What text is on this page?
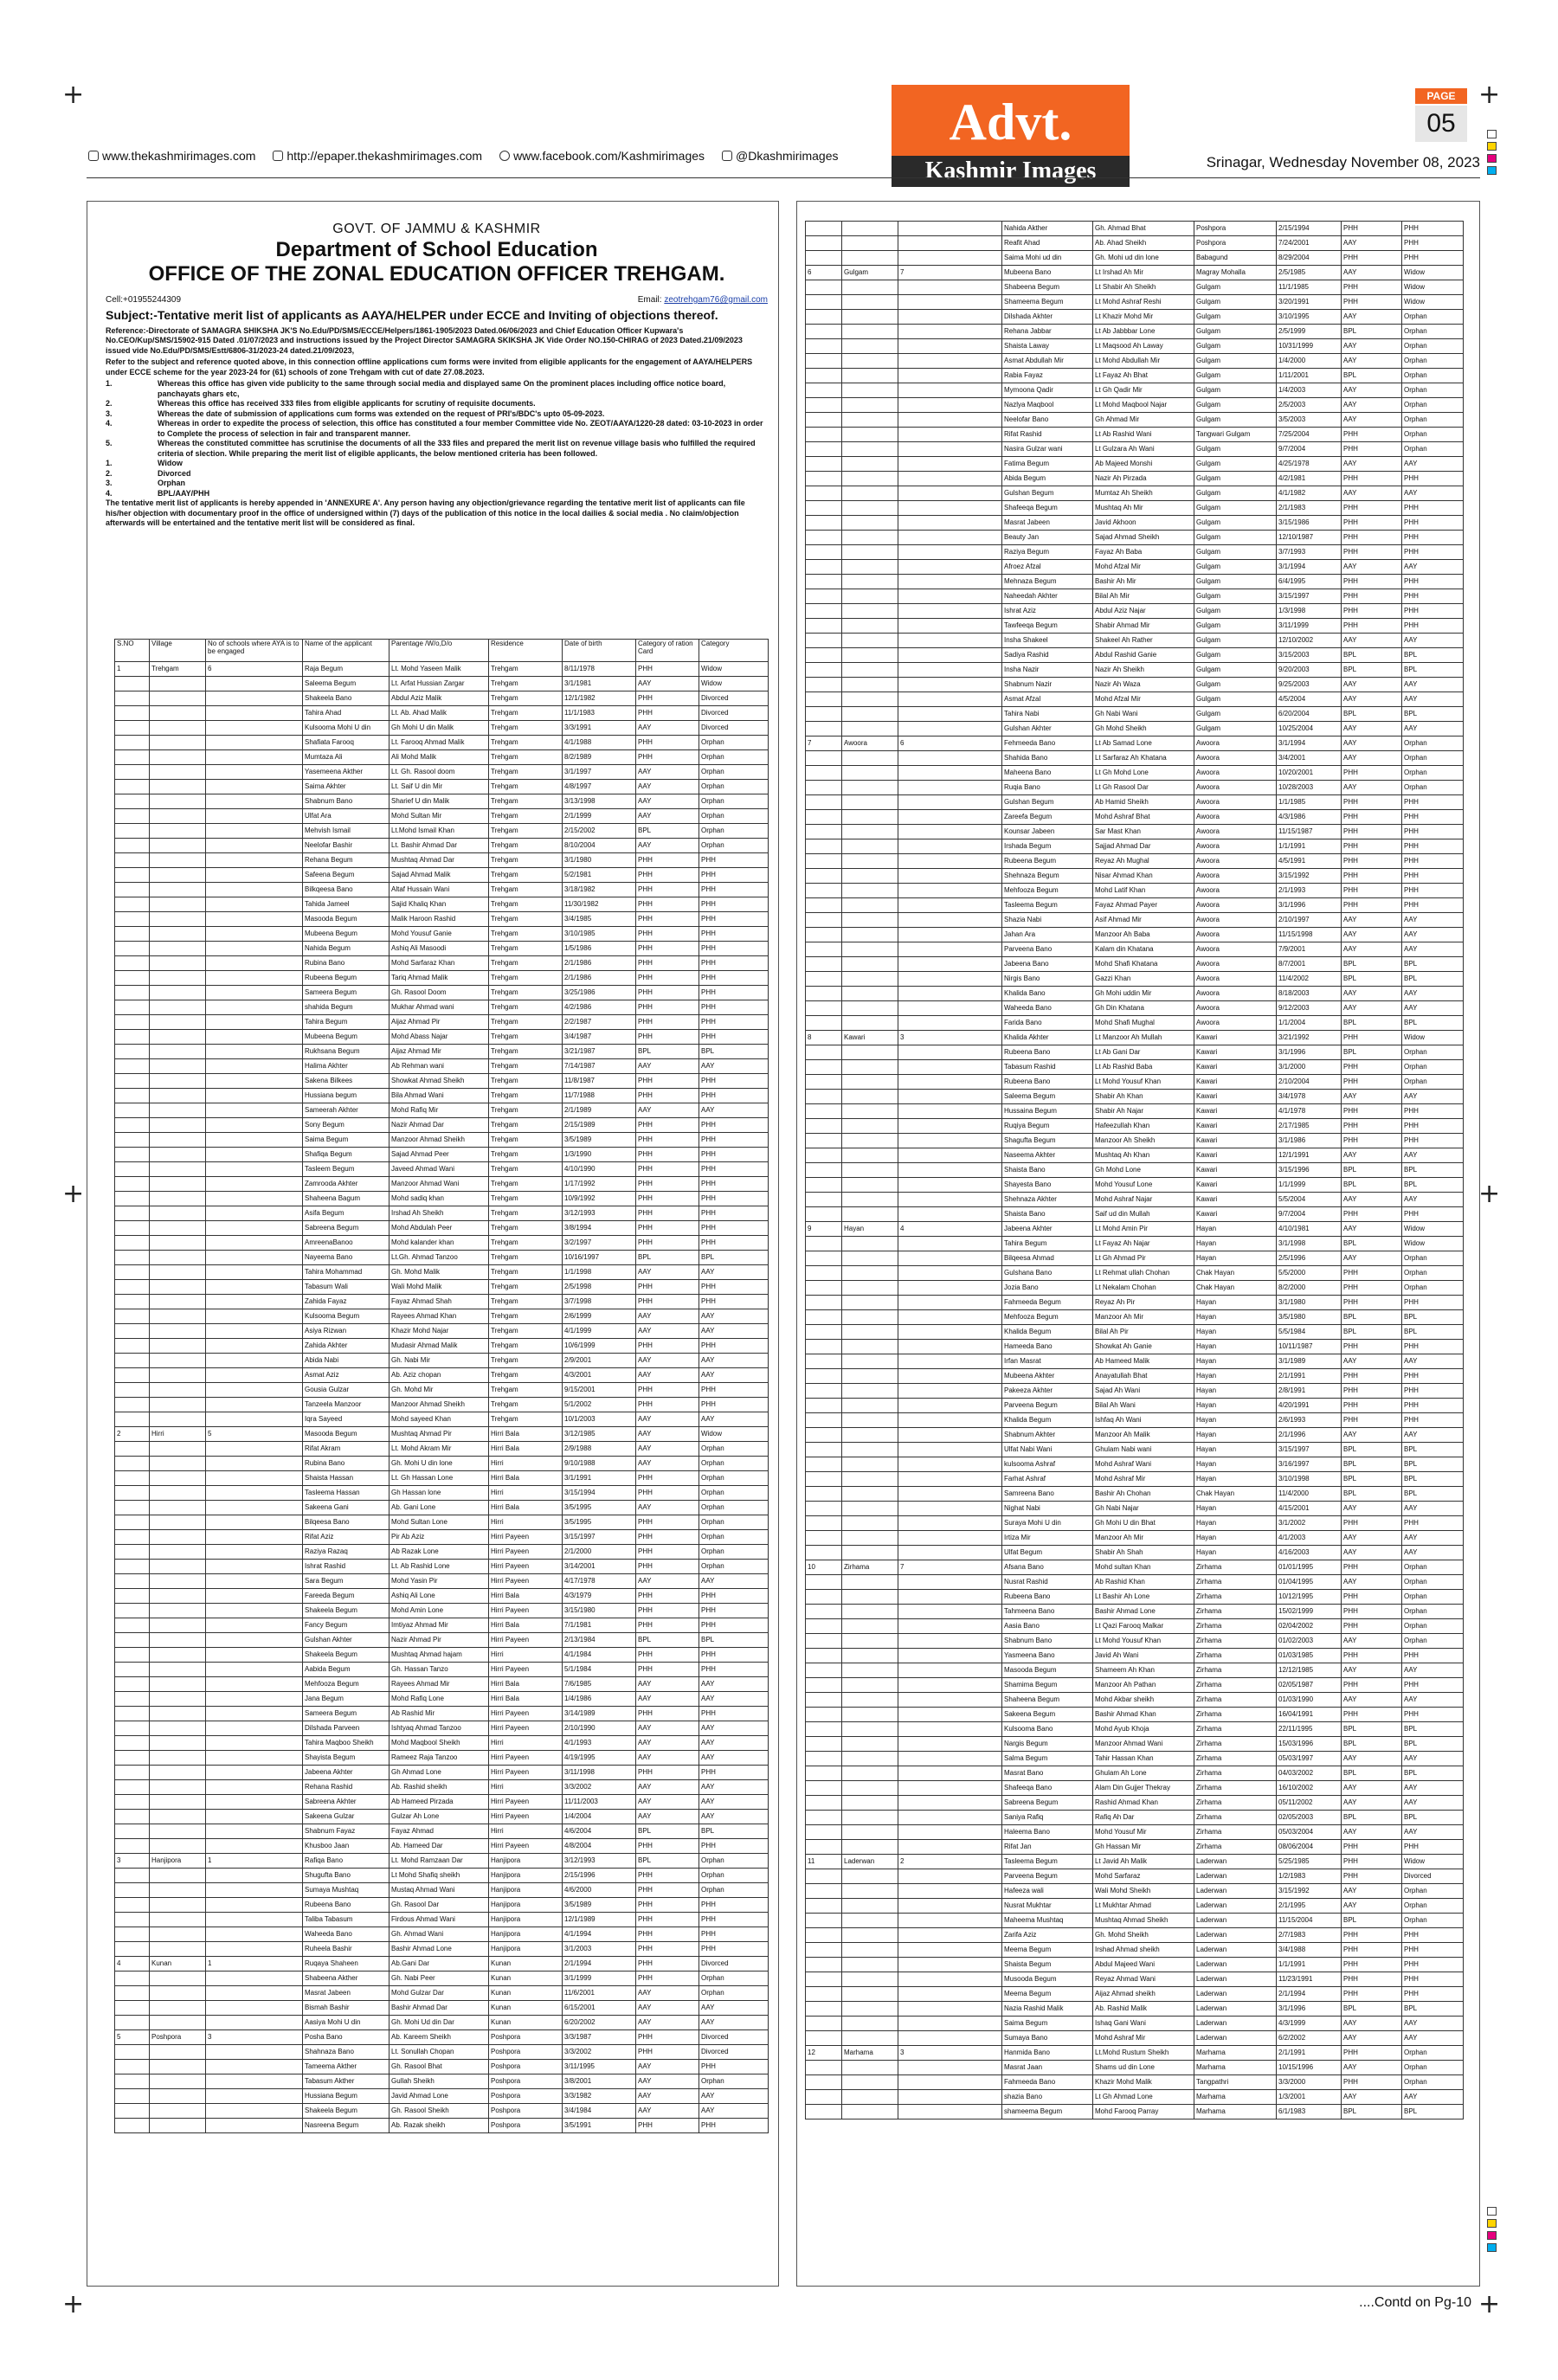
+	+
+	+
+	+
www.thekashmirimages.com	http://epaper.thekashmirimages.com	www.facebook.com/Kashmirimages	@Dkashmirimages
Advt.
Kashmir Images
PAGE
05
Srinagar, Wednesday November 08, 2023
GOVT. OF JAMMU & KASHMIR
Department of School Education
OFFICE OF THE ZONAL EDUCATION OFFICER TREHGAM.
Cell:+01955244309	Email: zeotrehgam76@gmail.com
Subject:-Tentative merit list of applicants as AAYA/HELPER under ECCE and Inviting of objections thereof.
Reference:-Directorate of SAMAGRA SHIKSHA JK'S No.Edu/PD/SMS/ECCE/Helpers/1861-1905/2023 Dated.06/06/2023 and Chief Education Officer Kupwara's No.CEO/Kup/SMS/15902-915 Dated .01/07/2023 and instructions issued by the Project Director SAMAGRA SKIKSHA JK Vide Order NO.150-CHIRAG of 2023 Dated.21/09/2023 issued vide No.Edu/PD/SMS/Estt/6806-31/2023-24 dated.21/09/2023,
Refer to the subject and reference quoted above, in this connection offline applications cum forms were invited from eligible applicants for the engagement of AAYA/HELPERS under ECCE scheme for the year 2023-24 for (61) schools of zone Trehgam with cut of date 27.08.2023.
1.	Whereas this office has given vide publicity to the same through social media and displayed same On the prominent places including office notice board, panchayats ghars etc,
2.	Whereas this office has received 333 files from eligible applicants for scrutiny of requisite documents.
3.	Whereas the date of submission of applications cum forms was extended on the request of PRI's/BDC's upto 05-09-2023.
4.	Whereas in order to expedite the process of selection, this office has constituted a four member Committee vide No. ZEOT/AAYA/1220-28 dated: 03-10-2023 in order to Complete the process of selection in fair and transparent manner.
5.	Whereas the constituted committee has scrutinise the documents of all the 333 files and prepared the merit list on revenue village basis who fulfilled the required criteria of slection. While preparing the merit list of eligible applicants, the below mentioned criteria has been followed.
1.	Widow
2.	Divorced
3.	Orphan
4.	BPL/AAY/PHH
The tentative merit list of applicants is hereby appended in 'ANNEXURE A'. Any person having any objection/grievance regarding the tentative merit list of applicants can file his/her objection with documentary proof in the office of undersigned within (7) days of the publication of this notice in the local dailies & social media . No claim/objection afterwards will be entertained and the tentative merit list will be considered as final.
S.NO	Village	No of schools where AYA is to be engaged	Name of the applicant	Parentage /W/o,D/o	Residence	Date of birth	Category of ration Card	Category
1	Trehgam	6	Raja Begum	Lt. Mohd Yaseen Malik	Trehgam	8/11/1978	PHH	Widow
			Saleema Begum	Lt. Arfat Hussian Zargar	Trehgam	3/1/1981	AAY	Widow
			Shakeela Bano	Abdul Aziz Malik	Trehgam	12/1/1982	PHH	Divorced
			Tahira Ahad	Lt. Ab. Ahad Malik	Trehgam	11/1/1983	PHH	Divorced
			Kulsooma Mohi U din	Gh Mohi U din Malik	Trehgam	3/3/1991	AAY	Divorced
			Shafiata Farooq	Lt. Farooq Ahmad Malik	Trehgam	4/1/1988	PHH	Orphan
			Mumtaza Ali	Ali Mohd Malik	Trehgam	8/2/1989	PHH	Orphan
			Yasemeena Akther	Lt. Gh. Rasool doom	Trehgam	3/1/1997	AAY	Orphan
			Saima Akhter	Lt. Saif U din Mir	Trehgam	4/8/1997	AAY	Orphan
			Shabnum Bano	Sharief U din Malik	Trehgam	3/13/1998	AAY	Orphan
			Ulfat Ara	Mohd Sultan Mir	Trehgam	2/1/1999	AAY	Orphan
			Mehvish Ismail	Lt.Mohd Ismail Khan	Trehgam	2/15/2002	BPL	Orphan
			Neelofar Bashir	Lt. Bashir Ahmad Dar	Trehgam	8/10/2004	AAY	Orphan
			Rehana Begum	Mushtaq Ahmad Dar	Trehgam	3/1/1980	PHH	PHH
			Safeena Begum	Sajad Ahmad Malik	Trehgam	5/2/1981	PHH	PHH
			Bilkqeesa Bano	Altaf Hussain Wani	Trehgam	3/18/1982	PHH	PHH
			Tahida Jameel	Sajid Khaliq Khan	Trehgam	11/30/1982	PHH	PHH
			Masooda Begum	Malik Haroon Rashid	Trehgam	3/4/1985	PHH	PHH
			Mubeena Begum	Mohd Yousuf Ganie	Trehgam	3/10/1985	PHH	PHH
			Nahida Begum	Ashiq Ali Masoodi	Trehgam	1/5/1986	PHH	PHH
			Rubina Bano	Mohd Sarfaraz Khan	Trehgam	2/1/1986	PHH	PHH
			Rubeena Begum	Tariq Ahmad Malik	Trehgam	2/1/1986	PHH	PHH
			Sameera Begum	Gh. Rasool Doom	Trehgam	3/25/1986	PHH	PHH
			shahida Begum	Mukhar Ahmad wani	Trehgam	4/2/1986	PHH	PHH
			Tahira Begum	Aijaz Ahmad Pir	Trehgam	2/2/1987	PHH	PHH
			Mubeena Begum	Mohd Abass Najar	Trehgam	3/4/1987	PHH	PHH
			Rukhsana Begum	Aijaz Ahmad Mir	Trehgam	3/21/1987	BPL	BPL
			Halima Akhter	Ab Rehman wani	Trehgam	7/14/1987	AAY	AAY
			Sakena Bilkees	Showkat Ahmad Sheikh	Trehgam	11/8/1987	PHH	PHH
			Hussiana begum	Bila Ahmad Wani	Trehgam	11/7/1988	PHH	PHH
			Sameerah Akhter	Mohd Rafiq Mir	Trehgam	2/1/1989	AAY	AAY
			Sony Begum	Nazir Ahmad Dar	Trehgam	2/15/1989	PHH	PHH
			Saima Begum	Manzoor Ahmad Sheikh	Trehgam	3/5/1989	PHH	PHH
			Shafiqa Begum	Sajad Ahmad Peer	Trehgam	1/3/1990	PHH	PHH
			Tasleem Begum	Javeed Ahmad Wani	Trehgam	4/10/1990	PHH	PHH
			Zamrooda Akhter	Manzoor Ahmad Wani	Trehgam	1/17/1992	PHH	PHH
			Shaheena Bagum	Mohd sadiq khan	Trehgam	10/9/1992	PHH	PHH
			Asifa Begum	Irshad Ah Sheikh	Trehgam	3/12/1993	PHH	PHH
			Sabreena Begum	Mohd Abdulah Peer	Trehgam	3/8/1994	PHH	PHH
			AmreenaBanoo	Mohd kalander khan	Trehgam	3/2/1997	PHH	PHH
			Nayeema Bano	Lt.Gh. Ahmad Tanzoo	Trehgam	10/16/1997	BPL	BPL
			Tahira Mohammad	Gh. Mohd Malik	Trehgam	1/1/1998	AAY	AAY
			Tabasum Wali	Wali Mohd Malik	Trehgam	2/5/1998	PHH	PHH
			Zahida Fayaz	Fayaz Ahmad Shah	Trehgam	3/7/1998	PHH	PHH
			Kulsooma Begum	Rayees Ahmad Khan	Trehgam	2/6/1999	AAY	AAY
			Asiya Rizwan	Khazir Mohd Najar	Trehgam	4/1/1999	AAY	AAY
			Zahida Akhter	Mudasir Ahmad Malik	Trehgam	10/6/1999	PHH	PHH
			Abida Nabi	Gh. Nabi Mir	Trehgam	2/9/2001	AAY	AAY
			Asmat Aziz	Ab. Aziz chopan	Trehgam	4/3/2001	AAY	AAY
			Gousia Gulzar	Gh. Mohd Mir	Trehgam	9/15/2001	PHH	PHH
			Tanzeela Manzoor	Manzoor Ahmad Sheikh	Trehgam	5/1/2002	PHH	PHH
			Iqra Sayeed	Mohd sayeed Khan	Trehgam	10/1/2003	AAY	AAY
2	Hirri	5	Masooda Begum	Mushtaq Ahmad Pir	Hirri Bala	3/12/1985	AAY	Widow
			Rifat Akram	Lt. Mohd Akram Mir	Hirri Bala	2/9/1988	AAY	Orphan
			Rubina Bano	Gh. Mohi U din lone	Hirri	9/10/1988	AAY	Orphan
			Shaista Hassan	Lt. Gh Hassan Lone	Hirri Bala	3/1/1991	PHH	Orphan
			Tasleema Hassan	Gh Hassan lone	Hirri	3/15/1994	PHH	Orphan
			Sakeena Gani	Ab. Gani Lone	Hirri Bala	3/5/1995	AAY	Orphan
			Bilqeesa Bano	Mohd Sultan Lone	Hirri	3/5/1995	PHH	Orphan
			Rifat Aziz	Pir Ab Aziz	Hirri Payeen	3/15/1997	PHH	Orphan
			Raziya Razaq	Ab Razak Lone	Hirri Payeen	2/1/2000	PHH	Orphan
			Ishrat Rashid	Lt. Ab Rashid Lone	Hirri Payeen	3/14/2001	PHH	Orphan
			Sara Begum	Mohd Yasin Pir	Hirri Payeen	4/17/1978	AAY	AAY
			Fareeda Begum	Ashiq Ali Lone	Hirri Bala	4/3/1979	PHH	PHH
			Shakeela Begum	Mohd Amin Lone	Hirri Payeen	3/15/1980	PHH	PHH
			Fancy Begum	Imtiyaz Ahmad Mir	Hirri Bala	7/1/1981	PHH	PHH
			Gulshan Akhter	Nazir Ahmad Pir	Hirri Payeen	2/13/1984	BPL	BPL
			Shakeela Begum	Mushtaq Ahmad hajam	Hirri	4/1/1984	PHH	PHH
			Aabida Begum	Gh. Hassan Tanzo	Hirri Payeen	5/1/1984	PHH	PHH
			Mehfooza Begum	Rayees Ahmad Mir	Hirri Bala	7/6/1985	AAY	AAY
			Jana Begum	Mohd Rafiq Lone	Hirri Bala	1/4/1986	AAY	AAY
			Sameera Begum	Ab Rashid Mir	Hirri Payeen	3/14/1989	PHH	PHH
			Dilshada Parveen	Ishtyaq Ahmad Tanzoo	Hirri Payeen	2/10/1990	AAY	AAY
			Tahira Maqboo Sheikh	Mohd Maqbool Sheikh	Hirri	4/1/1993	AAY	AAY
			Shayista Begum	Rameez Raja Tanzoo	Hirri Payeen	4/19/1995	AAY	AAY
			Jabeena Akhter	Gh Ahmad Lone	Hirri Payeen	3/11/1998	PHH	PHH
			Rehana Rashid	Ab. Rashid sheikh	Hirri	3/3/2002	AAY	AAY
			Sabreena Akhter	Ab Hameed Pirzada	Hirri Payeen	11/11/2003	AAY	AAY
			Sakeena Gulzar	Gulzar Ah Lone	Hirri Payeen	1/4/2004	AAY	AAY
			Shabnum Fayaz	Fayaz Ahmad	Hirri	4/6/2004	BPL	BPL
			Khusboo Jaan	Ab. Hameed Dar	Hirri Payeen	4/8/2004	PHH	PHH
3	Hanjipora	1	Rafiqa Bano	Lt. Mohd Ramzaan Dar	Hanjipora	3/12/1993	BPL	Orphan
			Shugufta Bano	Lt Mohd Shafiq sheikh	Hanjipora	2/15/1996	PHH	Orphan
			Sumaya Mushtaq	Mustaq Ahmad Wani	Hanjipora	4/6/2000	PHH	Orphan
			Rubeena Bano	Gh. Rasool Dar	Hanjipora	3/5/1989	PHH	PHH
			Taliba Tabasum	Firdous Ahmad Wani	Hanjipora	12/1/1989	PHH	PHH
			Waheeda Bano	Gh. Ahmad Wani	Hanjipora	4/1/1994	PHH	PHH
			Ruheela Bashir	Bashir Ahmad Lone	Hanjipora	3/1/2003	PHH	PHH
4	Kunan	1	Ruqaya Shaheen	Ab.Gani Dar	Kunan	2/1/1994	PHH	Divorced
			Shabeena Akther	Gh. Nabi Peer	Kunan	3/1/1999	PHH	Orphan
			Masrat Jabeen	Mohd Gulzar Dar	Kunan	11/6/2001	AAY	Orphan
			Bismah Bashir	Bashir Ahmad Dar	Kunan	6/15/2001	AAY	AAY
			Aasiya Mohi U din	Gh. Mohi Ud din Dar	Kunan	6/20/2002	AAY	AAY
5	Poshpora	3	Posha Bano	Ab. Kareem Sheikh	Poshpora	3/3/1987	PHH	Divorced
			Shahnaza Bano	Lt. Sonullah Chopan	Poshpora	3/3/2002	PHH	Divorced
			Tameema Akther	Gh. Rasool Bhat	Poshpora	3/11/1995	AAY	PHH
			Tabasum Akther	Gullah Sheikh	Poshpora	3/8/2001	AAY	Orphan
			Hussiana Begum	Javid Ahmad Lone	Poshpora	3/3/1982	AAY	AAY
			Shakeela Begum	Gh. Rasool Sheikh	Poshpora	3/4/1984	AAY	AAY
			Nasreena Begum	Ab. Razak sheikh	Poshpora	3/5/1991	PHH	PHH
			Nahida Akther	Gh. Ahmad Bhat	Poshpora	2/15/1994	PHH	PHH
			Reafit Ahad	Ab. Ahad Sheikh	Poshpora	7/24/2001	AAY	PHH
			Saima Mohi ud din	Gh. Mohi ud din lone	Babagund	8/29/2004	PHH	PHH
6	Gulgam	7	Mubeena Bano	Lt Irshad Ah Mir	Magray Mohalla	2/5/1985	AAY	Widow
			Shabeena Begum	Lt Shabir Ah Sheikh	Gulgam	11/1/1985	PHH	Widow
			Shameema Begum	Lt Mohd Ashraf Reshi	Gulgam	3/20/1991	PHH	Widow
			Dilshada Akhter	Lt Khazir Mohd Mir	Gulgam	3/10/1995	AAY	Orphan
			Rehana Jabbar	Lt Ab Jabbbar Lone	Gulgam	2/5/1999	BPL	Orphan
			Shaista Laway	Lt Maqsood Ah Laway	Gulgam	10/31/1999	AAY	Orphan
			Asmat Abdullah Mir	Lt Mohd Abdullah Mir	Gulgam	1/4/2000	AAY	Orphan
			Rabia Fayaz	Lt Fayaz Ah Bhat	Gulgam	1/11/2001	BPL	Orphan
			Mymoona Qadir	Lt Gh Qadir Mir	Gulgam	1/4/2003	AAY	Orphan
			Nazlya Maqbool	Lt Mohd Maqbool Najar	Gulgam	2/5/2003	AAY	Orphan
			Neelofar Bano	Gh Ahmad Mir	Gulgam	3/5/2003	AAY	Orphan
			Rifat Rashid	Lt Ab Rashid Wani	Tangwari Gulgam	7/25/2004	PHH	Orphan
			Nasira Gulzar wani	Lt Gulzara Ah Wani	Gulgam	9/7/2004	PHH	Orphan
			Fatima Begum	Ab Majeed Monshi	Gulgam	4/25/1978	AAY	AAY
			Abida Begum	Nazir Ah Pirzada	Gulgam	4/2/1981	PHH	PHH
			Gulshan Begum	Mumtaz Ah Sheikh	Gulgam	4/1/1982	AAY	AAY
			Shafeeqa Begum	Mushtaq Ah Mir	Gulgam	2/1/1983	PHH	PHH
			Masrat Jabeen	Javid Akhoon	Gulgam	3/15/1986	PHH	PHH
			Beauty Jan	Sajad Ahmad Sheikh	Gulgam	12/10/1987	PHH	PHH
			Raziya Begum	Fayaz Ah Baba	Gulgam	3/7/1993	PHH	PHH
			Afroez Afzal	Mohd Afzal Mir	Gulgam	3/1/1994	AAY	AAY
			Mehnaza Begum	Bashir Ah Mir	Gulgam	6/4/1995	PHH	PHH
			Naheedah Akhter	Bilal Ah Mir	Gulgam	3/15/1997	PHH	PHH
			Ishrat Aziz	Abdul Aziz Najar	Gulgam	1/3/1998	PHH	PHH
			Tawfeeqa Begum	Shabir Ahmad Mir	Gulgam	3/11/1999	PHH	PHH
			Insha Shakeel	Shakeel Ah Rather	Gulgam	12/10/2002	AAY	AAY
			Sadiya Rashid	Abdul Rashid Ganie	Gulgam	3/15/2003	BPL	BPL
			Insha Nazir	Nazir Ah Sheikh	Gulgam	9/20/2003	BPL	BPL
			Shabnum Nazir	Nazir Ah Waza	Gulgam	9/25/2003	AAY	AAY
			Asmat Afzal	Mohd Afzal Mir	Gulgam	4/5/2004	AAY	AAY
			Tahira Nabi	Gh Nabi Wani	Gulgam	6/20/2004	BPL	BPL
			Gulshan Akhter	Gh Mohd Sheikh	Gulgam	10/25/2004	AAY	AAY
7	Awoora	6	Fehmeeda Bano	Lt Ab Samad Lone	Awoora	3/1/1994	AAY	Orphan
			Shahida Bano	Lt Sarfaraz Ah Khatana	Awoora	3/4/2001	AAY	Orphan
			Maheena Bano	Lt Gh Mohd Lone	Awoora	10/20/2001	PHH	Orphan
			Ruqia Bano	Lt Gh Rasool Dar	Awoora	10/28/2003	AAY	Orphan
			Gulshan Begum	Ab Hamid Sheikh	Awoora	1/1/1985	PHH	PHH
			Zareefa Begum	Mohd Ashraf Bhat	Awoora	4/3/1986	PHH	PHH
			Kounsar Jabeen	Sar Mast Khan	Awoora	11/15/1987	PHH	PHH
			Irshada Begum	Sajjad Ahmad Dar	Awoora	1/1/1991	PHH	PHH
			Rubeena Begum	Reyaz Ah Mughal	Awoora	4/5/1991	PHH	PHH
			Shehnaza Begum	Nisar Ahmad Khan	Awoora	3/15/1992	PHH	PHH
			Mehfooza Begum	Mohd Latif Khan	Awoora	2/1/1993	PHH	PHH
			Tasleema Begum	Fayaz Ahmad Payer	Awoora	3/1/1996	PHH	PHH
			Shazia Nabi	Asif Ahmad Mir	Awoora	2/10/1997	AAY	AAY
			Jahan Ara	Manzoor Ah Baba	Awoora	11/15/1998	AAY	AAY
			Parveena Bano	Kalam din Khatana	Awoora	7/9/2001	AAY	AAY
			Jabeena Bano	Mohd Shafi Khatana	Awoora	8/7/2001	BPL	BPL
			Nirgis Bano	Gazzi Khan	Awoora	11/4/2002	BPL	BPL
			Khalida Bano	Gh Mohi uddin Mir	Awoora	8/18/2003	AAY	AAY
			Waheeda Bano	Gh Din Khatana	Awoora	9/12/2003	AAY	AAY
			Farida Bano	Mohd Shafi Mughal	Awoora	1/1/2004	BPL	BPL
8	Kawari	3	Khalida Akhter	Lt Manzoor Ah Mullah	Kawari	3/21/1992	PHH	Widow
			Rubeena Bano	Lt Ab Gani Dar	Kawari	3/1/1996	BPL	Orphan
			Tabasum Rashid	Lt Ab Rashid Baba	Kawari	3/1/2000	PHH	Orphan
			Rubeena Bano	Lt Mohd Yousuf Khan	Kawari	2/10/2004	PHH	Orphan
			Saleema Begum	Shabir Ah Khan	Kawari	3/4/1978	AAY	AAY
			Hussaina Begum	Shabir Ah Najar	Kawari	4/1/1978	PHH	PHH
			Ruqiya Begum	Hafeezullah Khan	Kawari	2/17/1985	PHH	PHH
			Shagufta Begum	Manzoor Ah Sheikh	Kawari	3/1/1986	PHH	PHH
			Naseema Akhter	Mushtaq Ah Khan	Kawari	12/1/1991	AAY	AAY
			Shaista Bano	Gh Mohd Lone	Kawari	3/15/1996	BPL	BPL
			Shayesta Bano	Mohd Yousuf Lone	Kawari	1/1/1999	BPL	BPL
			Shehnaza Akhter	Mohd Ashraf Najar	Kawari	5/5/2004	AAY	AAY
			Shaista Bano	Saif ud din Mullah	Kawari	9/7/2004	PHH	PHH
9	Hayan	4	Jabeena Akhter	Lt Mohd Amin Pir	Hayan	4/10/1981	AAY	Widow
			Tahira Begum	Lt Fayaz Ah Najar	Hayan	3/1/1998	BPL	Widow
			Bilqeesa Ahmad	Lt Gh Ahmad Pir	Hayan	2/5/1996	AAY	Orphan
			Gulshana Bano	Lt Rehmat ullah Chohan	Chak Hayan	5/5/2000	PHH	Orphan
			Jozia Bano	Lt Nekalam Chohan	Chak Hayan	8/2/2000	PHH	Orphan
			Fahmeeda Begum	Reyaz Ah Pir	Hayan	3/1/1980	PHH	PHH
			Mehfooza Begum	Manzoor Ah Mir	Hayan	3/5/1980	BPL	BPL
			Khalida Begum	Bilal Ah Pir	Hayan	5/5/1984	BPL	BPL
			Hameeda Bano	Showkat Ah Ganie	Hayan	10/11/1987	PHH	PHH
			Irfan Masrat	Ab Hameed Malik	Hayan	3/1/1989	AAY	AAY
			Mubeena Akhter	Anayatullah Bhat	Hayan	2/1/1991	PHH	PHH
			Pakeeza Akhter	Sajad Ah Wani	Hayan	2/8/1991	PHH	PHH
			Parveena Begum	Bilal Ah Wani	Hayan	4/20/1991	PHH	PHH
			Khalida Begum	Ishfaq Ah Wani	Hayan	2/6/1993	PHH	PHH
			Shabnum Akhter	Manzoor Ah Malik	Hayan	2/1/1996	AAY	AAY
			Ulfat Nabi Wani	Ghulam Nabi wani	Hayan	3/15/1997	BPL	BPL
			kulsooma Ashraf	Mohd Ashraf Wani	Hayan	3/16/1997	BPL	BPL
			Farhat Ashraf	Mohd Ashraf Mir	Hayan	3/10/1998	BPL	BPL
			Samreena Bano	Bashir Ah Chohan	Chak Hayan	11/4/2000	BPL	BPL
			Nighat Nabi	Gh Nabi Najar	Hayan	4/15/2001	AAY	AAY
			Suraya Mohi U din	Gh Mohi U din Bhat	Hayan	3/1/2002	PHH	PHH
			Irtiza Mir	Manzoor Ah Mir	Hayan	4/1/2003	AAY	AAY
			Ulfat Begum	Shabir Ah Shah	Hayan	4/16/2003	AAY	AAY
10	Zirhama	7	Afsana Bano	Mohd sultan Khan	Zirhama	01/01/1995	PHH	Orphan
			Nusrat Rashid	Ab Rashid Khan	Zirhama	01/04/1995	AAY	Orphan
			Rubeena Bano	Lt Bashir Ah Lone	Zirhama	10/12/1995	PHH	Orphan
			Tahmeena Bano	Bashir Ahmad Lone	Zirhama	15/02/1999	PHH	Orphan
			Aasia Bano	Lt Qazi Farooq Malkar	Zirhama	02/04/2002	PHH	Orphan
			Shabnum Bano	Lt Mohd Yousuf Khan	Zirhama	01/02/2003	AAY	Orphan
			Yasmeena Bano	Javid Ah Wani	Zirhama	01/03/1985	PHH	PHH
			Masooda Begum	Shameem Ah Khan	Zirhama	12/12/1985	AAY	AAY
			Shamima Begum	Manzoor Ah Pathan	Zirhama	02/05/1987	PHH	PHH
			Shaheena Begum	Mohd Akbar sheikh	Zirhama	01/03/1990	AAY	AAY
			Sakeena Begum	Bashir Ahmad Khan	Zirhama	16/04/1991	PHH	PHH
			Kulsooma Bano	Mohd Ayub Khoja	Zirhama	22/11/1995	BPL	BPL
			Nargis Begum	Manzoor Ahmad Wani	Zirhama	15/03/1996	BPL	BPL
			Salma Begum	Tahir Hassan Khan	Zirhama	05/03/1997	AAY	AAY
			Masrat Bano	Ghulam Ah Lone	Zirhama	04/03/2002	BPL	BPL
			Shafeeqa Bano	Alam Din Gujjer Thekray	Zirhama	16/10/2002	AAY	AAY
			Sabreena Begum	Rashid Ahmad Khan	Zirhama	05/11/2002	AAY	AAY
			Saniya Rafiq	Rafiq Ah Dar	Zirhama	02/05/2003	BPL	BPL
			Haleema Bano	Mohd Yousuf Mir	Zirhama	05/03/2004	AAY	AAY
			Rifat Jan	Gh Hassan Mir	Zirhama	08/06/2004	PHH	PHH
11	Laderwan	2	Tasleema Begum	Lt Javid Ah Malik	Laderwan	5/25/1985	PHH	Widow
			Parveena Begum	Mohd Sarfaraz	Laderwan	1/2/1983	PHH	Divorced
			Hafeeza wali	Wali Mohd Sheikh	Laderwan	3/15/1992	AAY	Orphan
			Nusrat Mukhtar	Lt Mukhtar Ahmad	Laderwan	2/1/1995	AAY	Orphan
			Maheema Mushtaq	Mushtaq Ahmad Sheikh	Laderwan	11/15/2004	BPL	Orphan
			Zarifa Aziz	Gh. Mohd Sheikh	Laderwan	2/7/1983	PHH	PHH
			Meema Begum	Irshad Ahmad sheikh	Laderwan	3/4/1988	PHH	PHH
			Shaista Begum	Abdul Majeed Wani	Laderwan	1/1/1991	PHH	PHH
			Musooda Begum	Reyaz Ahmad Wani	Laderwan	11/23/1991	PHH	PHH
			Meema Begum	Aijaz Ahmad sheikh	Laderwan	2/1/1994	PHH	PHH
			Nazia Rashid Malik	Ab. Rashid Malik	Laderwan	3/1/1996	BPL	BPL
			Saima Begum	Ishaq Gani Wani	Laderwan	4/3/1999	AAY	AAY
			Sumaya Bano	Mohd Ashraf Mir	Laderwan	6/2/2002	AAY	AAY
12	Marhama	3	Hanmida Bano	Lt.Mohd Rustum Sheikh	Marhama	2/1/1991	PHH	Orphan
			Masrat Jaan	Shams ud din Lone	Marhama	10/15/1996	AAY	Orphan
			Fahmeeda Bano	Khazir Mohd Malik	Tangpathri	3/3/2000	PHH	Orphan
			shazia Bano	Lt Gh Ahmad Lone	Marhama	1/3/2001	AAY	AAY
			shameema Begum	Mohd Farooq Parray	Marhama	6/1/1983	BPL	BPL
....Contd on Pg-10
